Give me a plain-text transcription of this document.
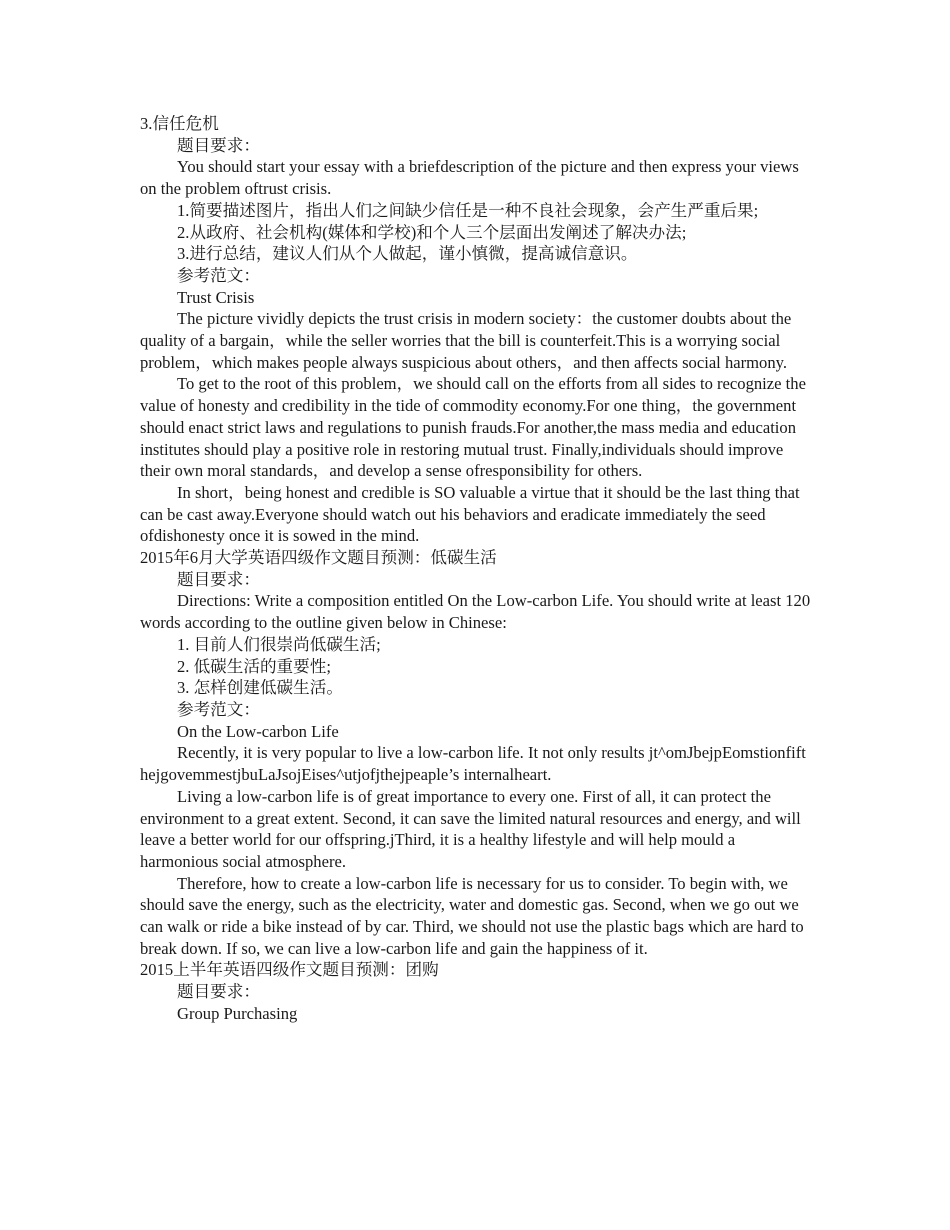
3.信任危机

题目要求：

You should start your essay with a briefdescription of the picture and then express your views on the problem oftrust crisis.

1.简要描述图片，指出人们之间缺少信任是一种不良社会现象，会产生严重后果;

2.从政府、社会机构(媒体和学校)和个人三个层面出发阐述了解决办法;

3.进行总结，建议人们从个人做起，谨小慎微，提高诚信意识。

参考范文：

Trust Crisis

The picture vividly depicts the trust crisis in modern society：the customer doubts about the quality of a bargain，while the seller worries that the bill is counterfeit.This is a worrying social problem，which makes people always suspicious about others，and then affects social harmony.

To get to the root of this problem，we should call on the efforts from all sides to recognize the value of honesty and credibility in the tide of commodity economy.For one thing，the government should enact strict laws and regulations to punish frauds.For another,the mass media and education institutes should play a positive role in restoring mutual trust. Finally,individuals should improve their own moral standards，and develop a sense ofresponsibility for others.

In short，being honest and credible is SO valuable a virtue that it should be the last thing that can be cast away.Everyone should watch out his behaviors and eradicate immediately the seed ofdishonesty once it is sowed in the mind.

2015年6月大学英语四级作文题目预测：低碳生活

题目要求：

Directions: Write a composition entitled On the Low-carbon Life. You should write at least 120 words according to the outline given below in Chinese:

1. 目前人们很崇尚低碳生活;

2. 低碳生活的重要性;

3. 怎样创建低碳生活。

参考范文：

On the Low-carbon Life

Recently, it is very popular to live a low-carbon life. It not only results jt^omJbejpEomstionfifthejgovemmestjbuLaJsojEises^utjofjthejpeaple’s internalheart.

Living a low-carbon life is of great importance to every one. First of all, it can protect the environment to a great extent. Second, it can save the limited natural resources and energy, and will leave a better world for our offspring.jThird, it is a healthy lifestyle and will help mould a harmonious social atmosphere.

Therefore, how to create a low-carbon life is necessary for us to consider. To begin with, we should save the energy, such as the electricity, water and domestic gas. Second, when we go out we can walk or ride a bike instead of by car. Third, we should not use the plastic bags which are hard to break down. If so, we can live a low-carbon life and gain the happiness of it.

2015上半年英语四级作文题目预测：团购

题目要求：

Group Purchasing
